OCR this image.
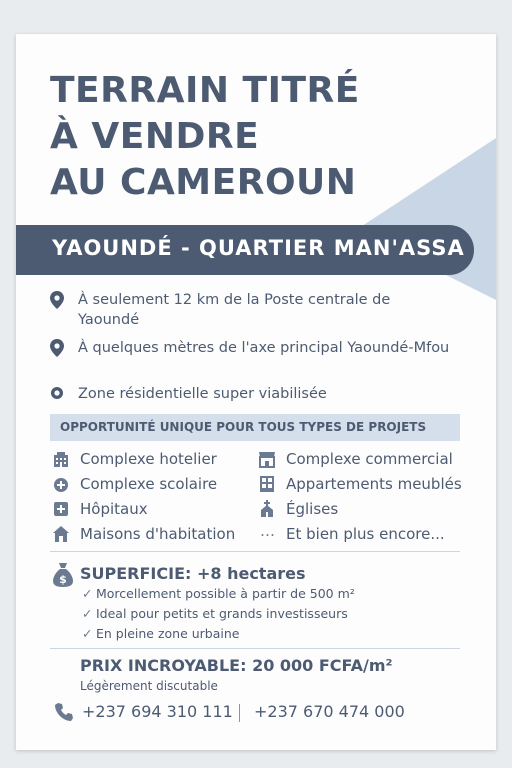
TERRAIN TITRÉ
À VENDRE
AU CAMEROUN
YAOUNDÉ - QUARTIER MAN'ASSA
À seulement 12 km de la Poste centrale de Yaoundé
À quelques mètres de l'axe principal Yaoundé-Mfou
Zone résidentielle super viabilisée
OPPORTUNITÉ UNIQUE POUR TOUS TYPES DE PROJETS
Complexe hotelier	Complexe commercial
Complexe scolaire	Appartements meublés
Hôpitaux	Églises
Maisons d'habitation … Et bien plus encore...
$ SUPERFICIE: +8 hectares
✓ Morcellement possible à partir de 500 m²
✓ Ideal pour petits et grands investisseurs
✓ En pleine zone urbaine
PRIX INCROYABLE: 20 000 FCFA/m²
Légèrement discutable
+237 694 310 111 +237 670 474 000
